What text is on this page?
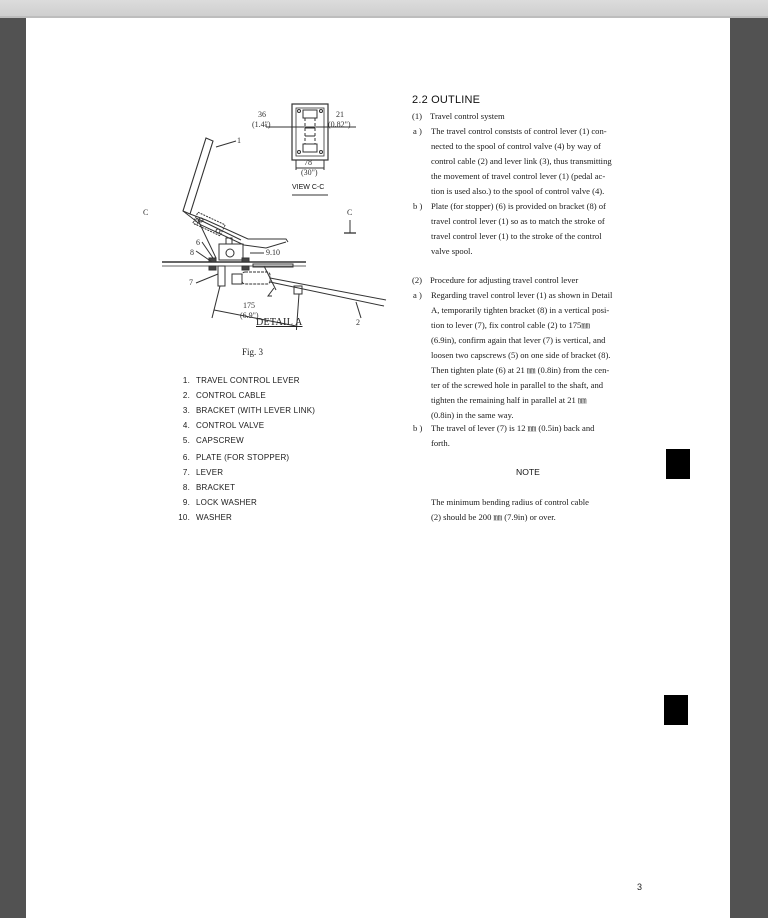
36
(1.4")
21
(0.82")
78
(30")
VIEW C-C
1
5
6
8	9.10
7
2
175
(6.9")
C	C
DETAIL A
Fig. 3
1. TRAVEL CONTROL LEVER
2. CONTROL CABLE
3. BRACKET (WITH LEVER LINK)
4. CONTROL VALVE
5. CAPSCREW
6. PLATE (FOR STOPPER)
7. LEVER
8. BRACKET
9. LOCK WASHER
10. WASHER
2.2 OUTLINE
(1) Travel control system
a ) The travel control conststs of control lever (1) con-
nected to the spool of control valve (4) by way of
control cable (2) and lever link (3), thus transmitting
the movement of travel control lever (1) (pedal ac-
tion is used also.) to the spool of control valve (4).
b ) Plate (for stopper) (6) is provided on bracket (8) of
travel control lever (1) so as to match the stroke of
travel control lever (1) to the stroke of the control
valve spool.
(2) Procedure for adjusting travel control lever
a ) Regarding travel control lever (1) as shown in Detail
A, temporarily tighten bracket (8) in a vertical posi-
tion to lever (7), fix control cable (2) to 175㎜
(6.9in), confirm again that lever (7) is vertical, and
loosen two capscrews (5) on one side of bracket (8).
Then tighten plate (6) at 21 ㎜ (0.8in) from the cen-
ter of the screwed hole in parallel to the shaft, and
tighten the remaining half in parallel at 21 ㎜
(0.8in) in the same way.
b ) The travel of lever (7) is 12 ㎜ (0.5in) back and
forth.
NOTE
The minimum bending radius of control cable
(2) should be 200 ㎜ (7.9in) or over.
3
